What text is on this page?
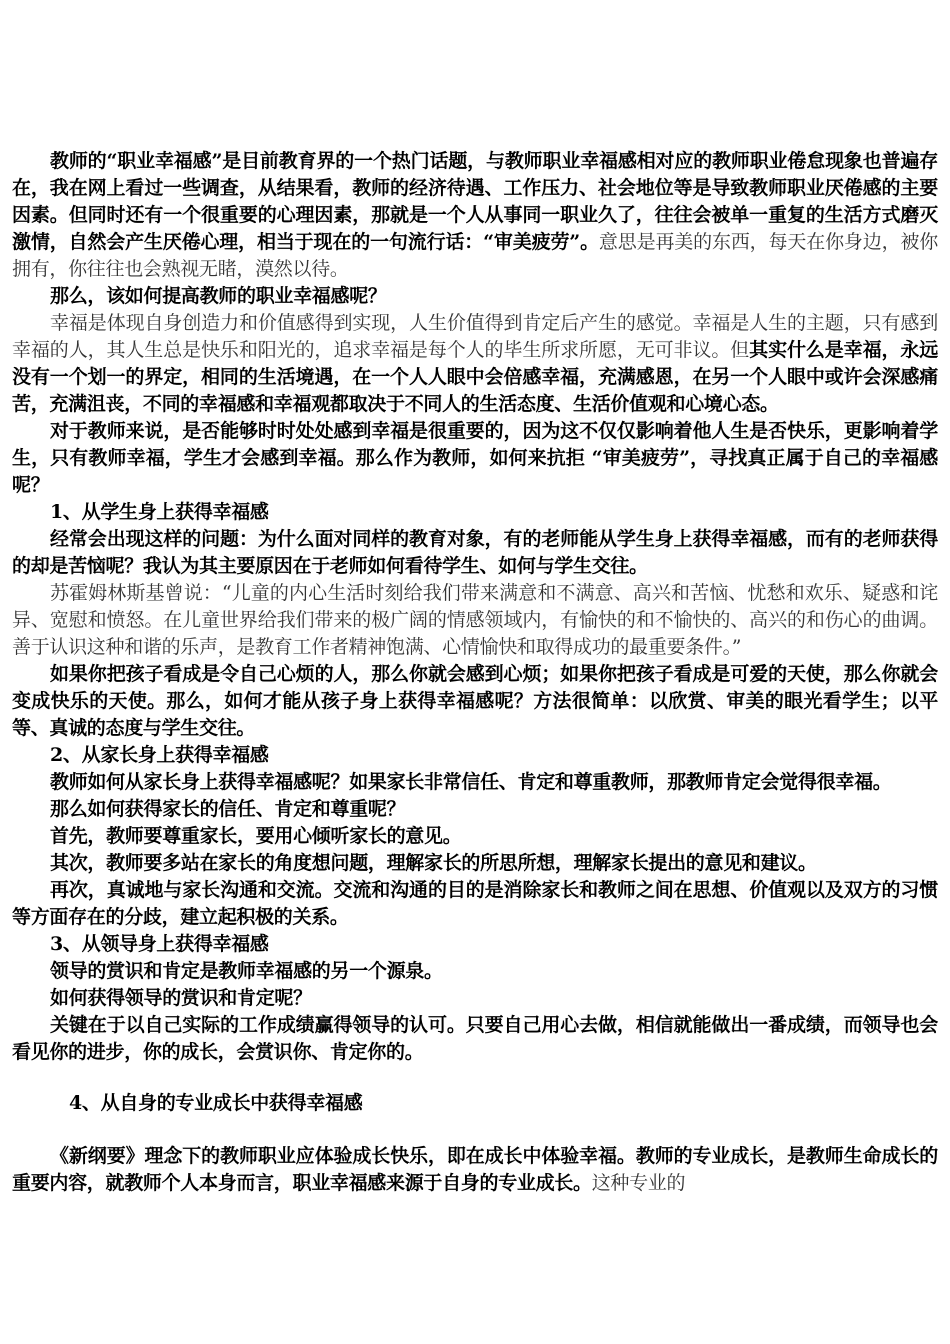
教师的“职业幸福感”是目前教育界的一个热门话题，与教师职业幸福感相对应的教师职业倦怠现象也普遍存在，我在网上看过一些调查，从结果看，教师的经济待遇、工作压力、社会地位等是导致教师职业厌倦感的主要因素。但同时还有一个很重要的心理因素，那就是一个人从事同一职业久了，往往会被单一重复的生活方式磨灭激情，自然会产生厌倦心理，相当于现在的一句流行话：“审美疲劳”。意思是再美的东西，每天在你身边，被你拥有，你往往也会熟视无睹，漠然以待。

那么，该如何提高教师的职业幸福感呢？

幸福是体现自身创造力和价值感得到实现，人生价值得到肯定后产生的感觉。幸福是人生的主题，只有感到幸福的人，其人生总是快乐和阳光的，追求幸福是每个人的毕生所求所愿，无可非议。但其实什么是幸福，永远没有一个划一的界定，相同的生活境遇，在一个人人眼中会倍感幸福，充满感恩，在另一个人眼中或许会深感痛苦，充满沮丧，不同的幸福感和幸福观都取决于不同人的生活态度、生活价值观和心境心态。

对于教师来说，是否能够时时处处感到幸福是很重要的，因为这不仅仅影响着他人生是否快乐，更影响着学生，只有教师幸福，学生才会感到幸福。那么作为教师，如何来抗拒 “审美疲劳”，寻找真正属于自己的幸福感呢？

1、从学生身上获得幸福感

经常会出现这样的问题：为什么面对同样的教育对象，有的老师能从学生身上获得幸福感，而有的老师获得的却是苦恼呢？我认为其主要原因在于老师如何看待学生、如何与学生交往。

苏霍姆林斯基曾说：“儿童的内心生活时刻给我们带来满意和不满意、高兴和苦恼、忧愁和欢乐、疑惑和诧异、宽慰和愤怒。在儿童世界给我们带来的极广阔的情感领域内，有愉快的和不愉快的、高兴的和伤心的曲调。善于认识这种和谐的乐声，是教育工作者精神饱满、心情愉快和取得成功的最重要条件。”

如果你把孩子看成是令自己心烦的人，那么你就会感到心烦；如果你把孩子看成是可爱的天使，那么你就会变成快乐的天使。那么，如何才能从孩子身上获得幸福感呢？方法很简单：以欣赏、审美的眼光看学生；以平等、真诚的态度与学生交往。

2、从家长身上获得幸福感

教师如何从家长身上获得幸福感呢？如果家长非常信任、肯定和尊重教师，那教师肯定会觉得很幸福。

那么如何获得家长的信任、肯定和尊重呢？

首先，教师要尊重家长，要用心倾听家长的意见。

其次，教师要多站在家长的角度想问题，理解家长的所思所想，理解家长提出的意见和建议。

再次，真诚地与家长沟通和交流。交流和沟通的目的是消除家长和教师之间在思想、价值观以及双方的习惯等方面存在的分歧，建立起积极的关系。

3、从领导身上获得幸福感

领导的赏识和肯定是教师幸福感的另一个源泉。

如何获得领导的赏识和肯定呢？

关键在于以自己实际的工作成绩赢得领导的认可。只要自己用心去做，相信就能做出一番成绩，而领导也会看见你的进步，你的成长，会赏识你、肯定你的。

4、从自身的专业成长中获得幸福感

《新纲要》理念下的教师职业应体验成长快乐，即在成长中体验幸福。教师的专业成长，是教师生命成长的重要内容，就教师个人本身而言，职业幸福感来源于自身的专业成长。这种专业的
